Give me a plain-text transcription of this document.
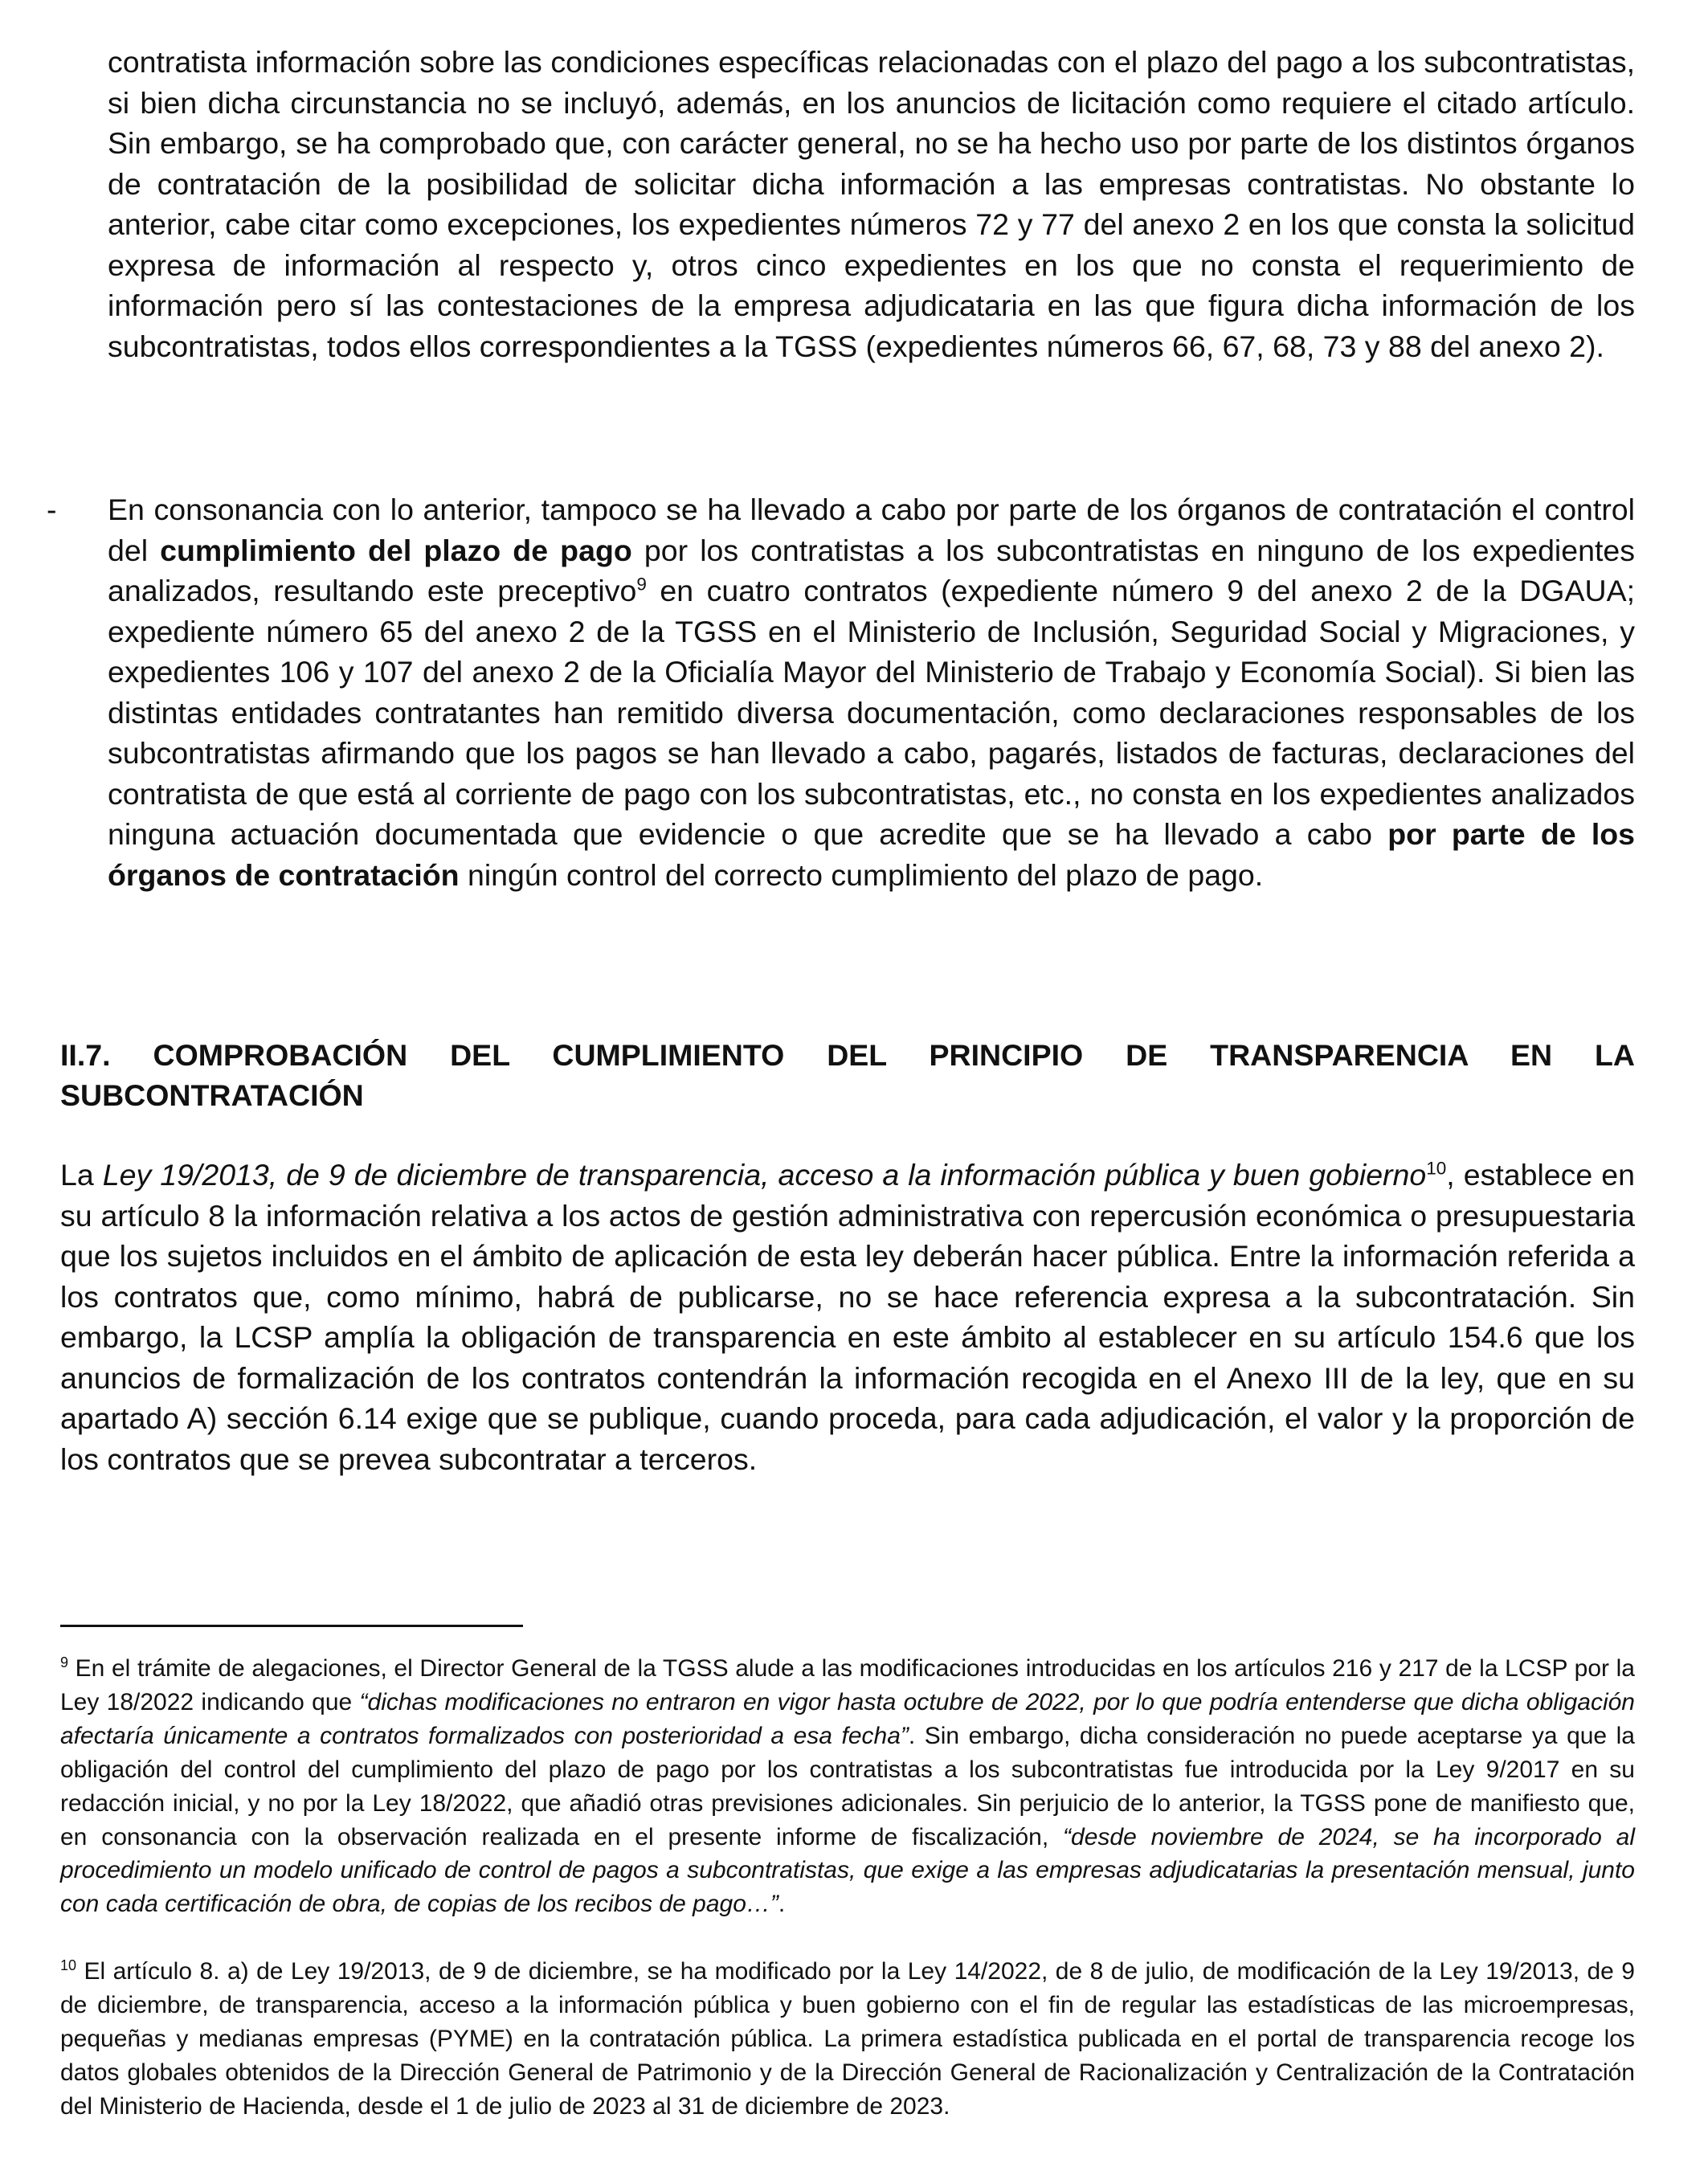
contratista información sobre las condiciones específicas relacionadas con el plazo del pago a los subcontratistas, si bien dicha circunstancia no se incluyó, además, en los anuncios de licitación como requiere el citado artículo. Sin embargo, se ha comprobado que, con carácter general, no se ha hecho uso por parte de los distintos órganos de contratación de la posibilidad de solicitar dicha información a las empresas contratistas. No obstante lo anterior, cabe citar como excepciones, los expedientes números 72 y 77 del anexo 2 en los que consta la solicitud expresa de información al respecto y, otros cinco expedientes en los que no consta el requerimiento de información pero sí las contestaciones de la empresa adjudicataria en las que figura dicha información de los subcontratistas, todos ellos correspondientes a la TGSS (expedientes números 66, 67, 68, 73 y 88 del anexo 2).
- En consonancia con lo anterior, tampoco se ha llevado a cabo por parte de los órganos de contratación el control del cumplimiento del plazo de pago por los contratistas a los subcontratistas en ninguno de los expedientes analizados, resultando este preceptivo$^9$ en cuatro contratos (expediente número 9 del anexo 2 de la DGAUA; expediente número 65 del anexo 2 de la TGSS en el Ministerio de Inclusión, Seguridad Social y Migraciones, y expedientes 106 y 107 del anexo 2 de la Oficialía Mayor del Ministerio de Trabajo y Economía Social). Si bien las distintas entidades contratantes han remitido diversa documentación, como declaraciones responsables de los subcontratistas afirmando que los pagos se han llevado a cabo, pagarés, listados de facturas, declaraciones del contratista de que está al corriente de pago con los subcontratistas, etc., no consta en los expedientes analizados ninguna actuación documentada que evidencie o que acredite que se ha llevado a cabo por parte de los órganos de contratación ningún control del correcto cumplimiento del plazo de pago.
II.7. COMPROBACIÓN DEL CUMPLIMIENTO DEL PRINCIPIO DE TRANSPARENCIA EN LA SUBCONTRATACIÓN
La Ley 19/2013, de 9 de diciembre de transparencia, acceso a la información pública y buen gobierno$^{10}$, establece en su artículo 8 la información relativa a los actos de gestión administrativa con repercusión económica o presupuestaria que los sujetos incluidos en el ámbito de aplicación de esta ley deberán hacer pública. Entre la información referida a los contratos que, como mínimo, habrá de publicarse, no se hace referencia expresa a la subcontratación. Sin embargo, la LCSP amplía la obligación de transparencia en este ámbito al establecer en su artículo 154.6 que los anuncios de formalización de los contratos contendrán la información recogida en el Anexo III de la ley, que en su apartado A) sección 6.14 exige que se publique, cuando proceda, para cada adjudicación, el valor y la proporción de los contratos que se prevea subcontratar a terceros.
$^9$ En el trámite de alegaciones, el Director General de la TGSS alude a las modificaciones introducidas en los artículos 216 y 217 de la LCSP por la Ley 18/2022 indicando que “dichas modificaciones no entraron en vigor hasta octubre de 2022, por lo que podría entenderse que dicha obligación afectaría únicamente a contratos formalizados con posterioridad a esa fecha”. Sin embargo, dicha consideración no puede aceptarse ya que la obligación del control del cumplimiento del plazo de pago por los contratistas a los subcontratistas fue introducida por la Ley 9/2017 en su redacción inicial, y no por la Ley 18/2022, que añadió otras previsiones adicionales. Sin perjuicio de lo anterior, la TGSS pone de manifiesto que, en consonancia con la observación realizada en el presente informe de fiscalización, “desde noviembre de 2024, se ha incorporado al procedimiento un modelo unificado de control de pagos a subcontratistas, que exige a las empresas adjudicatarias la presentación mensual, junto con cada certificación de obra, de copias de los recibos de pago…”.
$^{10}$ El artículo 8. a) de Ley 19/2013, de 9 de diciembre, se ha modificado por la Ley 14/2022, de 8 de julio, de modificación de la Ley 19/2013, de 9 de diciembre, de transparencia, acceso a la información pública y buen gobierno con el fin de regular las estadísticas de las microempresas, pequeñas y medianas empresas (PYME) en la contratación pública. La primera estadística publicada en el portal de transparencia recoge los datos globales obtenidos de la Dirección General de Patrimonio y de la Dirección General de Racionalización y Centralización de la Contratación del Ministerio de Hacienda, desde el 1 de julio de 2023 al 31 de diciembre de 2023.
